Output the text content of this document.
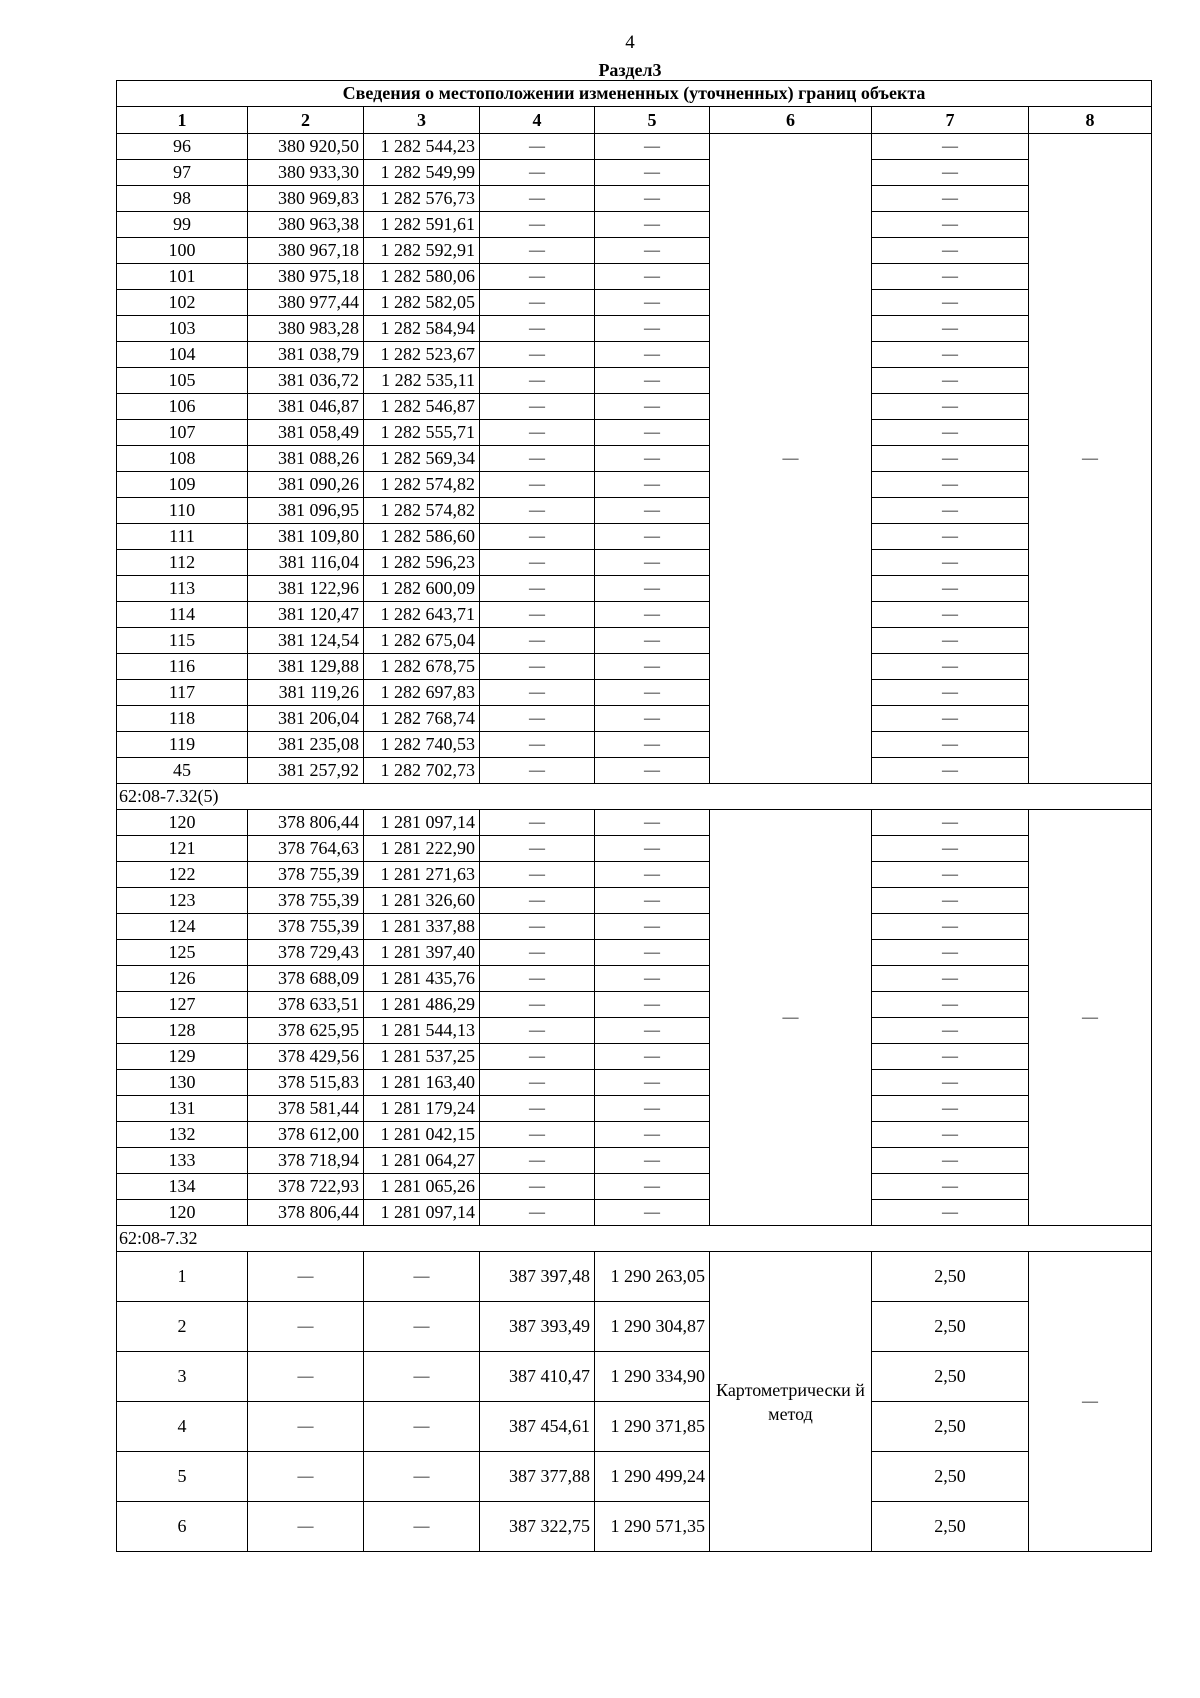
4
Раздел3
Сведения о местоположении измененных (уточненных) границ объекта							
1	2	3	4	5	6	7	8
96	380 920,50	1 282 544,23	—	—	—	—	—
97	380 933,30	1 282 549,99	—	—		—	
98	380 969,83	1 282 576,73	—	—		—	
99	380 963,38	1 282 591,61	—	—		—	
100	380 967,18	1 282 592,91	—	—		—	
101	380 975,18	1 282 580,06	—	—		—	
102	380 977,44	1 282 582,05	—	—		—	
103	380 983,28	1 282 584,94	—	—		—	
104	381 038,79	1 282 523,67	—	—		—	
105	381 036,72	1 282 535,11	—	—		—	
106	381 046,87	1 282 546,87	—	—		—	
107	381 058,49	1 282 555,71	—	—		—	
108	381 088,26	1 282 569,34	—	—		—	
109	381 090,26	1 282 574,82	—	—		—	
110	381 096,95	1 282 574,82	—	—		—	
111	381 109,80	1 282 586,60	—	—		—	
112	381 116,04	1 282 596,23	—	—		—	
113	381 122,96	1 282 600,09	—	—		—	
114	381 120,47	1 282 643,71	—	—		—	
115	381 124,54	1 282 675,04	—	—		—	
116	381 129,88	1 282 678,75	—	—		—	
117	381 119,26	1 282 697,83	—	—		—	
118	381 206,04	1 282 768,74	—	—		—	
119	381 235,08	1 282 740,53	—	—		—	
45	381 257,92	1 282 702,73	—	—		—	
62:08-7.32(5)							
120	378 806,44	1 281 097,14	—	—	—	—	—
121	378 764,63	1 281 222,90	—	—		—	
122	378 755,39	1 281 271,63	—	—		—	
123	378 755,39	1 281 326,60	—	—		—	
124	378 755,39	1 281 337,88	—	—		—	
125	378 729,43	1 281 397,40	—	—		—	
126	378 688,09	1 281 435,76	—	—		—	
127	378 633,51	1 281 486,29	—	—		—	
128	378 625,95	1 281 544,13	—	—		—	
129	378 429,56	1 281 537,25	—	—		—	
130	378 515,83	1 281 163,40	—	—		—	
131	378 581,44	1 281 179,24	—	—		—	
132	378 612,00	1 281 042,15	—	—		—	
133	378 718,94	1 281 064,27	—	—		—	
134	378 722,93	1 281 065,26	—	—		—	
120	378 806,44	1 281 097,14	—	—		—	
62:08-7.32							
1	—	—	387 397,48	1 290 263,05	Картометрически й метод	2,50	—
2	—	—	387 393,49	1 290 304,87		2,50	
3	—	—	387 410,47	1 290 334,90		2,50	
4	—	—	387 454,61	1 290 371,85		2,50	
5	—	—	387 377,88	1 290 499,24		2,50	
6	—	—	387 322,75	1 290 571,35		2,50	
